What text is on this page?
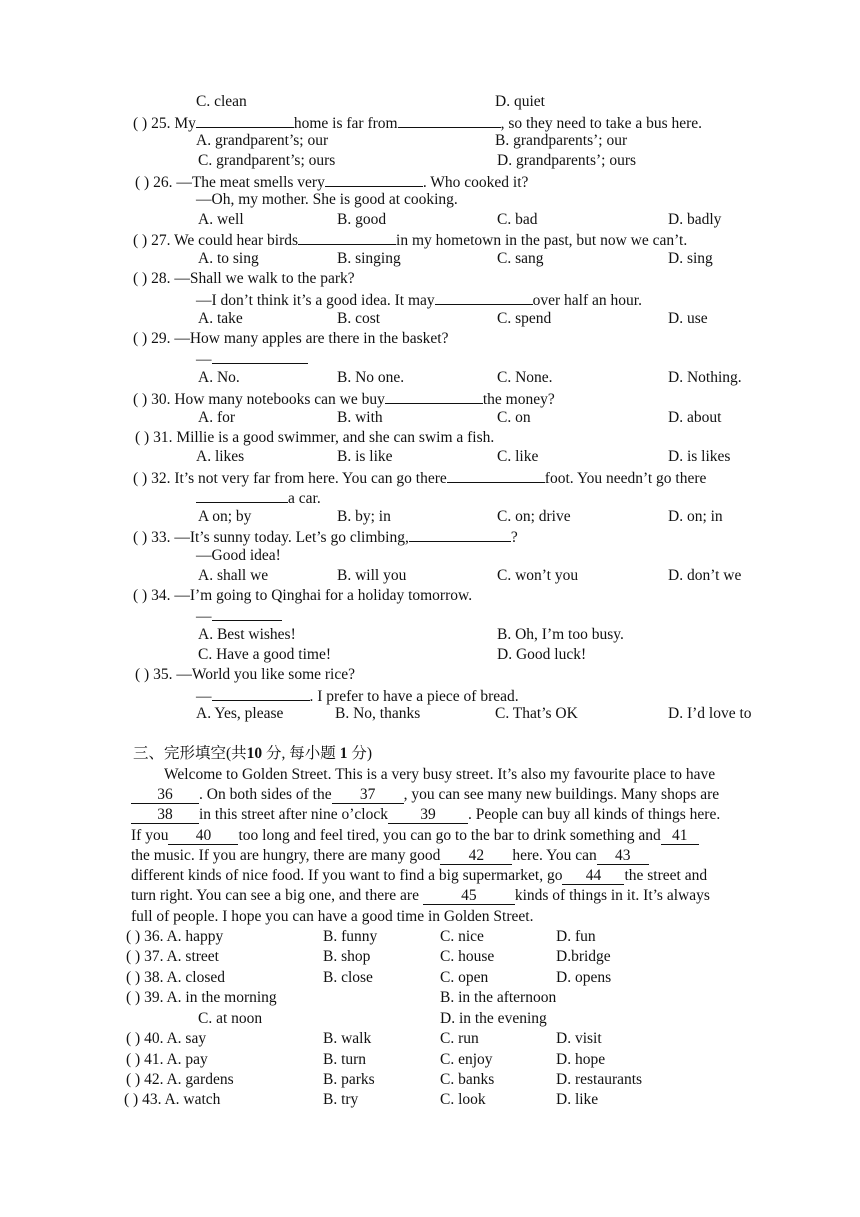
C. clean	D. quiet
( ) 25. My	home is far from	, so they need to take a bus here.
A. grandparent’s; our	B. grandparents’; our
C. grandparent’s; ours	D. grandparents’; ours
( ) 26. —The meat smells very	. Who cooked it?
—Oh, my mother. She is good at cooking.
A. well	B. good	C. bad	D. badly
( ) 27. We could hear birds	in my hometown in the past, but now we can’t.
A. to sing	B. singing	C. sang	D. sing
( ) 28. —Shall we walk to the park?
—I don’t think it’s a good idea. It may	over half an hour.
A. take	B. cost	C. spend	D. use
( ) 29. —How many apples are there in the basket?
—
A. No.	B. No one.	C. None.	D. Nothing.
( ) 30. How many notebooks can we buy	the money?
A. for	B. with	C. on	D. about
( ) 31. Millie is a good swimmer, and she can swim a fish.
A. likes	B. is like	C. like	D. is likes
( ) 32. It’s not very far from here. You can go there	foot. You needn’t go there
a car.
A on; by	B. by; in	C. on; drive	D. on; in
( ) 33. —It’s sunny today. Let’s go climbing,	?
—Good idea!
A. shall we	B. will you	C. won’t you	D. don’t we
( ) 34. —I’m going to Qinghai for a holiday tomorrow.
—
A. Best wishes!	B. Oh, I’m too busy.
C. Have a good time!	D. Good luck!
( ) 35. —World you like some rice?
—	. I prefer to have a piece of bread.
A. Yes, please	B. No, thanks	C. That’s OK	D. I’d love to
三、完形填空(共10 分, 每小题 1 分)
Welcome to Golden Street. This is a very busy street. It’s also my favourite place to have
36 . On both sides of the 37 , you can see many new buildings. Many shops are
38 in this street after nine o’clock 39 . People can buy all kinds of things here.
If you 40 too long and feel tired, you can go to the bar to drink something and 41
the music. If you are hungry, there are many good 42 here. You can 43
different kinds of nice food. If you want to find a big supermarket, go 44 the street and
turn right. You can see a big one, and there are 45 kinds of things in it. It’s always
full of people. I hope you can have a good time in Golden Street.
( ) 36. A. happy	B. funny	C. nice	D. fun
( ) 37. A. street	B. shop	C. house	D.bridge
( ) 38. A. closed	B. close	C. open	D. opens
( ) 39. A. in the morning	B. in the afternoon
C. at noon	D. in the evening
( ) 40. A. say	B. walk	C. run	D. visit
( ) 41. A. pay	B. turn	C. enjoy	D. hope
( ) 42. A. gardens	B. parks	C. banks	D. restaurants
( ) 43. A. watch	B. try	C. look	D. like
